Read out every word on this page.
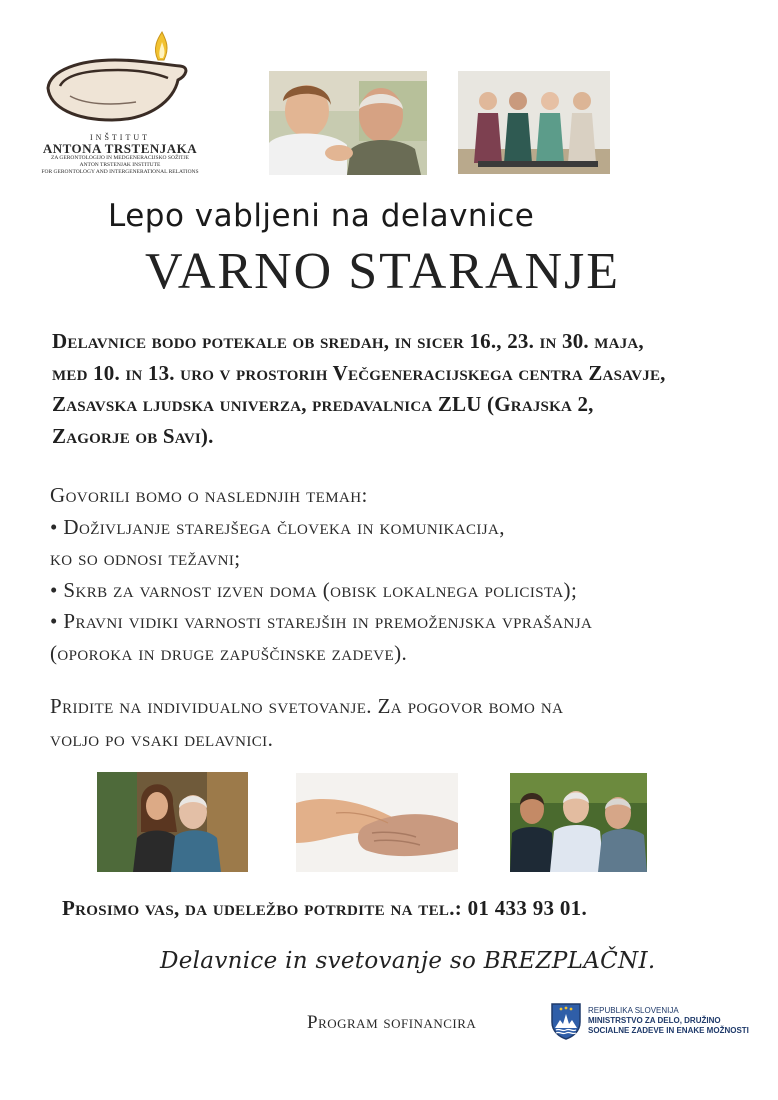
INŠTITUT
ANTONA TRSTENJAKA
ZA GERONTOLOGIJO IN MEDGENERACIJSKO SOŽITJE
ANTON TRSTENJAK INSTITUTE
FOR GERONTOLOGY AND INTERGENERATIONAL RELATIONS
Lepo vabljeni na delavnice
VARNO STARANJE
Delavnice bodo potekale ob sredah, in sicer 16., 23. in 30. maja,
med 10. in 13. uro v prostorih Večgeneracijskega centra Zasavje,
Zasavska ljudska univerza, predavalnica ZLU (Grajska 2,
Zagorje ob Savi).
Govorili bomo o naslednjih temah:
• Doživljanje starejšega človeka in komunikacija,
ko so odnosi težavni;
• Skrb za varnost izven doma (obisk lokalnega policista);
• Pravni vidiki varnosti starejših in premoženjska vprašanja
(oporoka in druge zapuščinske zadeve).
Pridite na individualno svetovanje. Za pogovor bomo na
voljo po vsaki delavnici.
Prosimo vas, da udeležbo potrdite na tel.: 01 433 93 01.
Delavnice in svetovanje so BREZPLAČNI.
Program sofinancira
REPUBLIKA SLOVENIJA
MINISTRSTVO ZA DELO, DRUŽINO
SOCIALNE ZADEVE IN ENAKE MOŽNOSTI
